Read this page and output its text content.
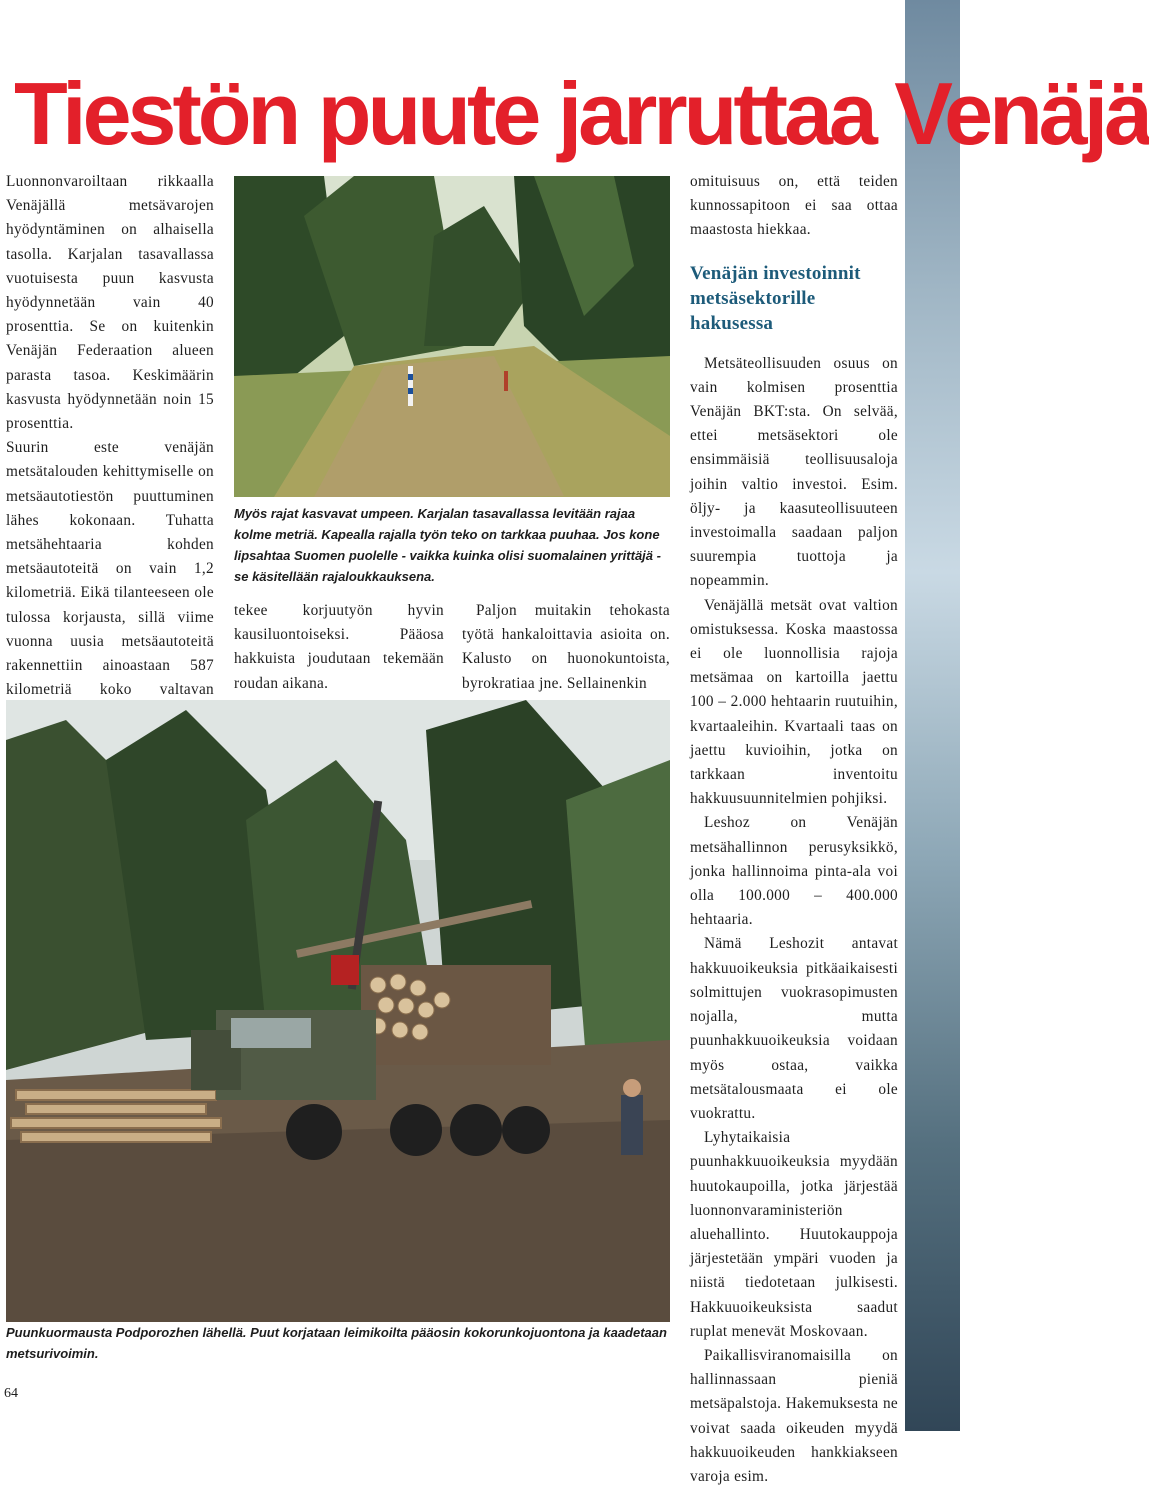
Tiestön puute jarruttaa Venäjä

Luonnonvaroiltaan rikkaalla Venäjällä metsävarojen hyödyntäminen on alhaisella tasolla. Karjalan tasavallassa vuotuisesta puun kasvusta hyödynnetään vain 40 prosenttia. Se on kuitenkin Venäjän Federaation alueen parasta tasoa. Keskimäärin kasvusta hyödynnetään noin 15 prosenttia.

Suurin este venäjän metsätalouden kehittymiselle on metsäautotiestön puuttuminen lähes kokonaan. Tuhatta metsähehtaaria kohden metsäautoteitä on vain 1,2 kilometriä. Eikä tilanteeseen ole tulossa korjausta, sillä viime vuonna uusia metsäautoteitä rakennettiin ainoastaan 587 kilometriä koko valtavan

Myös rajat kasvavat umpeen. Karjalan tasavallassa levitään rajaa kolme metriä. Kapealla rajalla työn teko on tarkkaa puuhaa. Jos kone lipsahtaa Suomen puolelle - vaikka kuinka olisi suomalainen yrittäjä - se käsitellään rajaloukkauksena.

tekee korjuutyön hyvin kausiluontoiseksi. Pääosa hakkuista joudutaan tekemään roudan aikana.

Paljon muitakin tehokasta työtä hankaloittavia asioita on. Kalusto on huonokuntoista, byrokratiaa jne. Sellainenkin

Puunkuormausta Podporozhen lähellä. Puut korjataan leimikoilta pääosin kokorunkojuontona ja kaadetaan metsurivoimin.

omituisuus on, että teiden kunnossapitoon ei saa ottaa maastosta hiekkaa.

Venäjän investoinnit metsäsektorille hakusessa

Metsäteollisuuden osuus on vain kolmisen prosenttia Venäjän BKT:sta. On selvää, ettei metsäsektori ole ensimmäisiä teollisuusaloja joihin valtio investoi. Esim. öljy- ja kaasuteollisuuteen investoimalla saadaan paljon suurempia tuottoja ja nopeammin.

Venäjällä metsät ovat valtion omistuksessa. Koska maastossa ei ole luonnollisia rajoja metsämaa on kartoilla jaettu 100 – 2.000 hehtaarin ruutuihin, kvartaaleihin. Kvartaali taas on jaettu kuvioihin, jotka on tarkkaan inventoitu hakkuusuunnitelmien pohjiksi.

Leshoz on Venäjän metsähallinnon perusyksikkö, jonka hallinnoima pinta-ala voi olla 100.000 – 400.000 hehtaaria.

Nämä Leshozit antavat hakkuuoikeuksia pitkäaikaisesti solmittujen vuokrasopimusten nojalla, mutta puunhakkuuoikeuksia voidaan myös ostaa, vaikka metsätalousmaata ei ole vuokrattu.

Lyhytaikaisia puunhakkuuoikeuksia myydään huutokaupoilla, jotka järjestää luonnonvaraministeriön aluehallinto. Huutokauppoja järjestetään ympäri vuoden ja niistä tiedotetaan julkisesti. Hakkuuoikeuksista saadut ruplat menevät Moskovaan.

Paikallisviranomaisilla on hallinnassaan pieniä metsäpalstoja. Hakemuksesta ne voivat saada oikeuden myydä hakkuuoikeuden hankkiakseen varoja esim.

64
